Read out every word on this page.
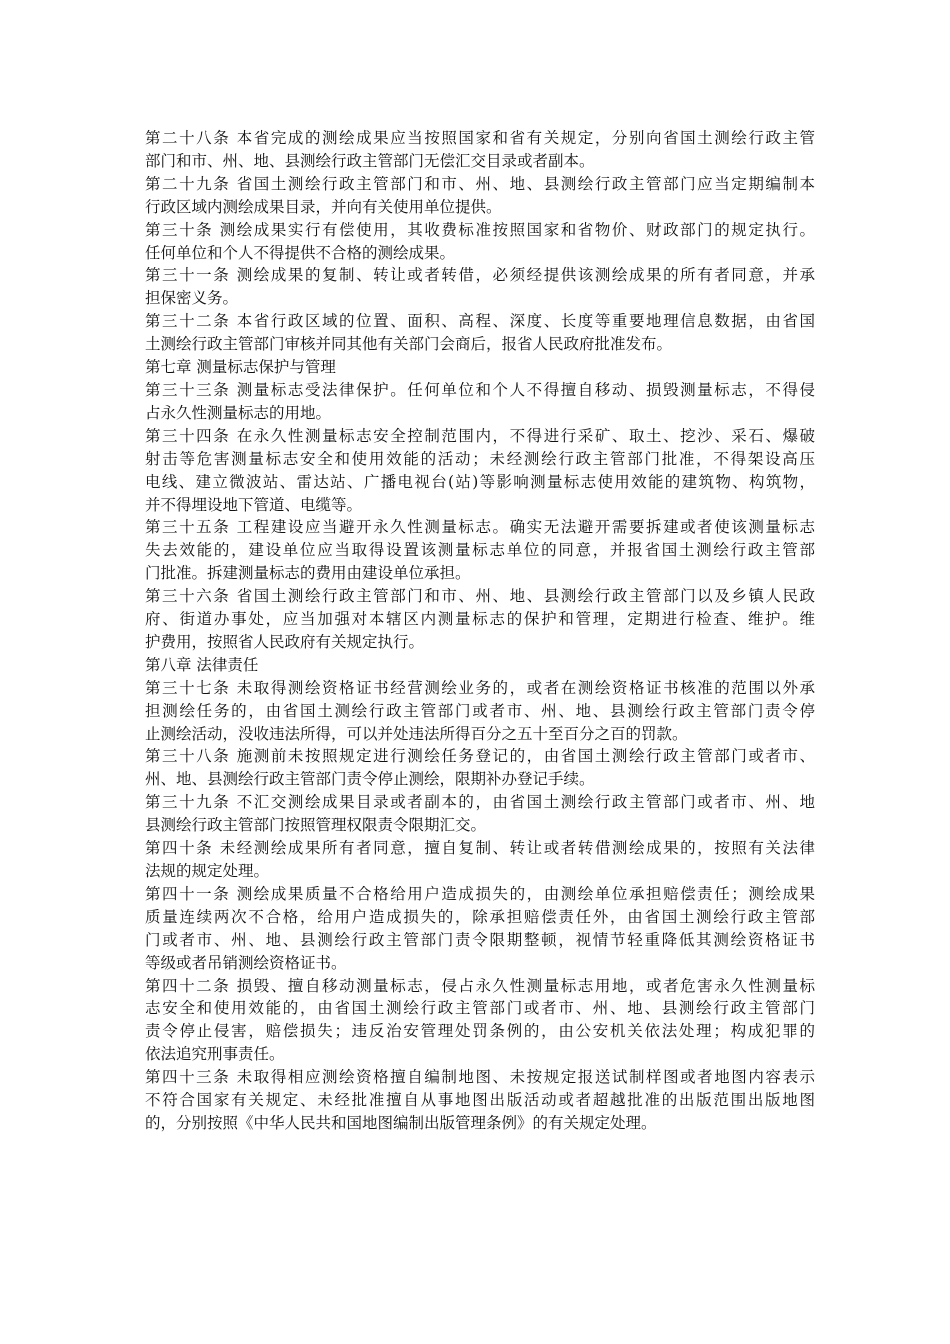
第二十八条 本省完成的测绘成果应当按照国家和省有关规定，分别向省国土测绘行政主管
部门和市、州、地、县测绘行政主管部门无偿汇交目录或者副本。
第二十九条 省国土测绘行政主管部门和市、州、地、县测绘行政主管部门应当定期编制本
行政区域内测绘成果目录，并向有关使用单位提供。
第三十条 测绘成果实行有偿使用，其收费标准按照国家和省物价、财政部门的规定执行。
任何单位和个人不得提供不合格的测绘成果。
第三十一条 测绘成果的复制、转让或者转借，必须经提供该测绘成果的所有者同意，并承
担保密义务。
第三十二条 本省行政区域的位置、面积、高程、深度、长度等重要地理信息数据，由省国
土测绘行政主管部门审核并同其他有关部门会商后，报省人民政府批准发布。
第七章 测量标志保护与管理
第三十三条 测量标志受法律保护。任何单位和个人不得擅自移动、损毁测量标志，不得侵
占永久性测量标志的用地。
第三十四条 在永久性测量标志安全控制范围内，不得进行采矿、取土、挖沙、采石、爆破
射击等危害测量标志安全和使用效能的活动；未经测绘行政主管部门批准，不得架设高压
电线、建立微波站、雷达站、广播电视台(站)等影响测量标志使用效能的建筑物、构筑物，
并不得埋设地下管道、电缆等。
第三十五条 工程建设应当避开永久性测量标志。确实无法避开需要拆建或者使该测量标志
失去效能的，建设单位应当取得设置该测量标志单位的同意，并报省国土测绘行政主管部
门批准。拆建测量标志的费用由建设单位承担。
第三十六条 省国土测绘行政主管部门和市、州、地、县测绘行政主管部门以及乡镇人民政
府、街道办事处，应当加强对本辖区内测量标志的保护和管理，定期进行检查、维护。维
护费用，按照省人民政府有关规定执行。
第八章 法律责任
第三十七条 未取得测绘资格证书经营测绘业务的，或者在测绘资格证书核准的范围以外承
担测绘任务的，由省国土测绘行政主管部门或者市、州、地、县测绘行政主管部门责令停
止测绘活动，没收违法所得，可以并处违法所得百分之五十至百分之百的罚款。
第三十八条 施测前未按照规定进行测绘任务登记的，由省国土测绘行政主管部门或者市、
州、地、县测绘行政主管部门责令停止测绘，限期补办登记手续。
第三十九条 不汇交测绘成果目录或者副本的，由省国土测绘行政主管部门或者市、州、地
县测绘行政主管部门按照管理权限责令限期汇交。
第四十条 未经测绘成果所有者同意，擅自复制、转让或者转借测绘成果的，按照有关法律
法规的规定处理。
第四十一条 测绘成果质量不合格给用户造成损失的，由测绘单位承担赔偿责任；测绘成果
质量连续两次不合格，给用户造成损失的，除承担赔偿责任外，由省国土测绘行政主管部
门或者市、州、地、县测绘行政主管部门责令限期整顿，视情节轻重降低其测绘资格证书
等级或者吊销测绘资格证书。
第四十二条 损毁、擅自移动测量标志，侵占永久性测量标志用地，或者危害永久性测量标
志安全和使用效能的，由省国土测绘行政主管部门或者市、州、地、县测绘行政主管部门
责令停止侵害，赔偿损失；违反治安管理处罚条例的，由公安机关依法处理；构成犯罪的
依法追究刑事责任。
第四十三条 未取得相应测绘资格擅自编制地图、未按规定报送试制样图或者地图内容表示
不符合国家有关规定、未经批准擅自从事地图出版活动或者超越批准的出版范围出版地图
的，分别按照《中华人民共和国地图编制出版管理条例》的有关规定处理。
